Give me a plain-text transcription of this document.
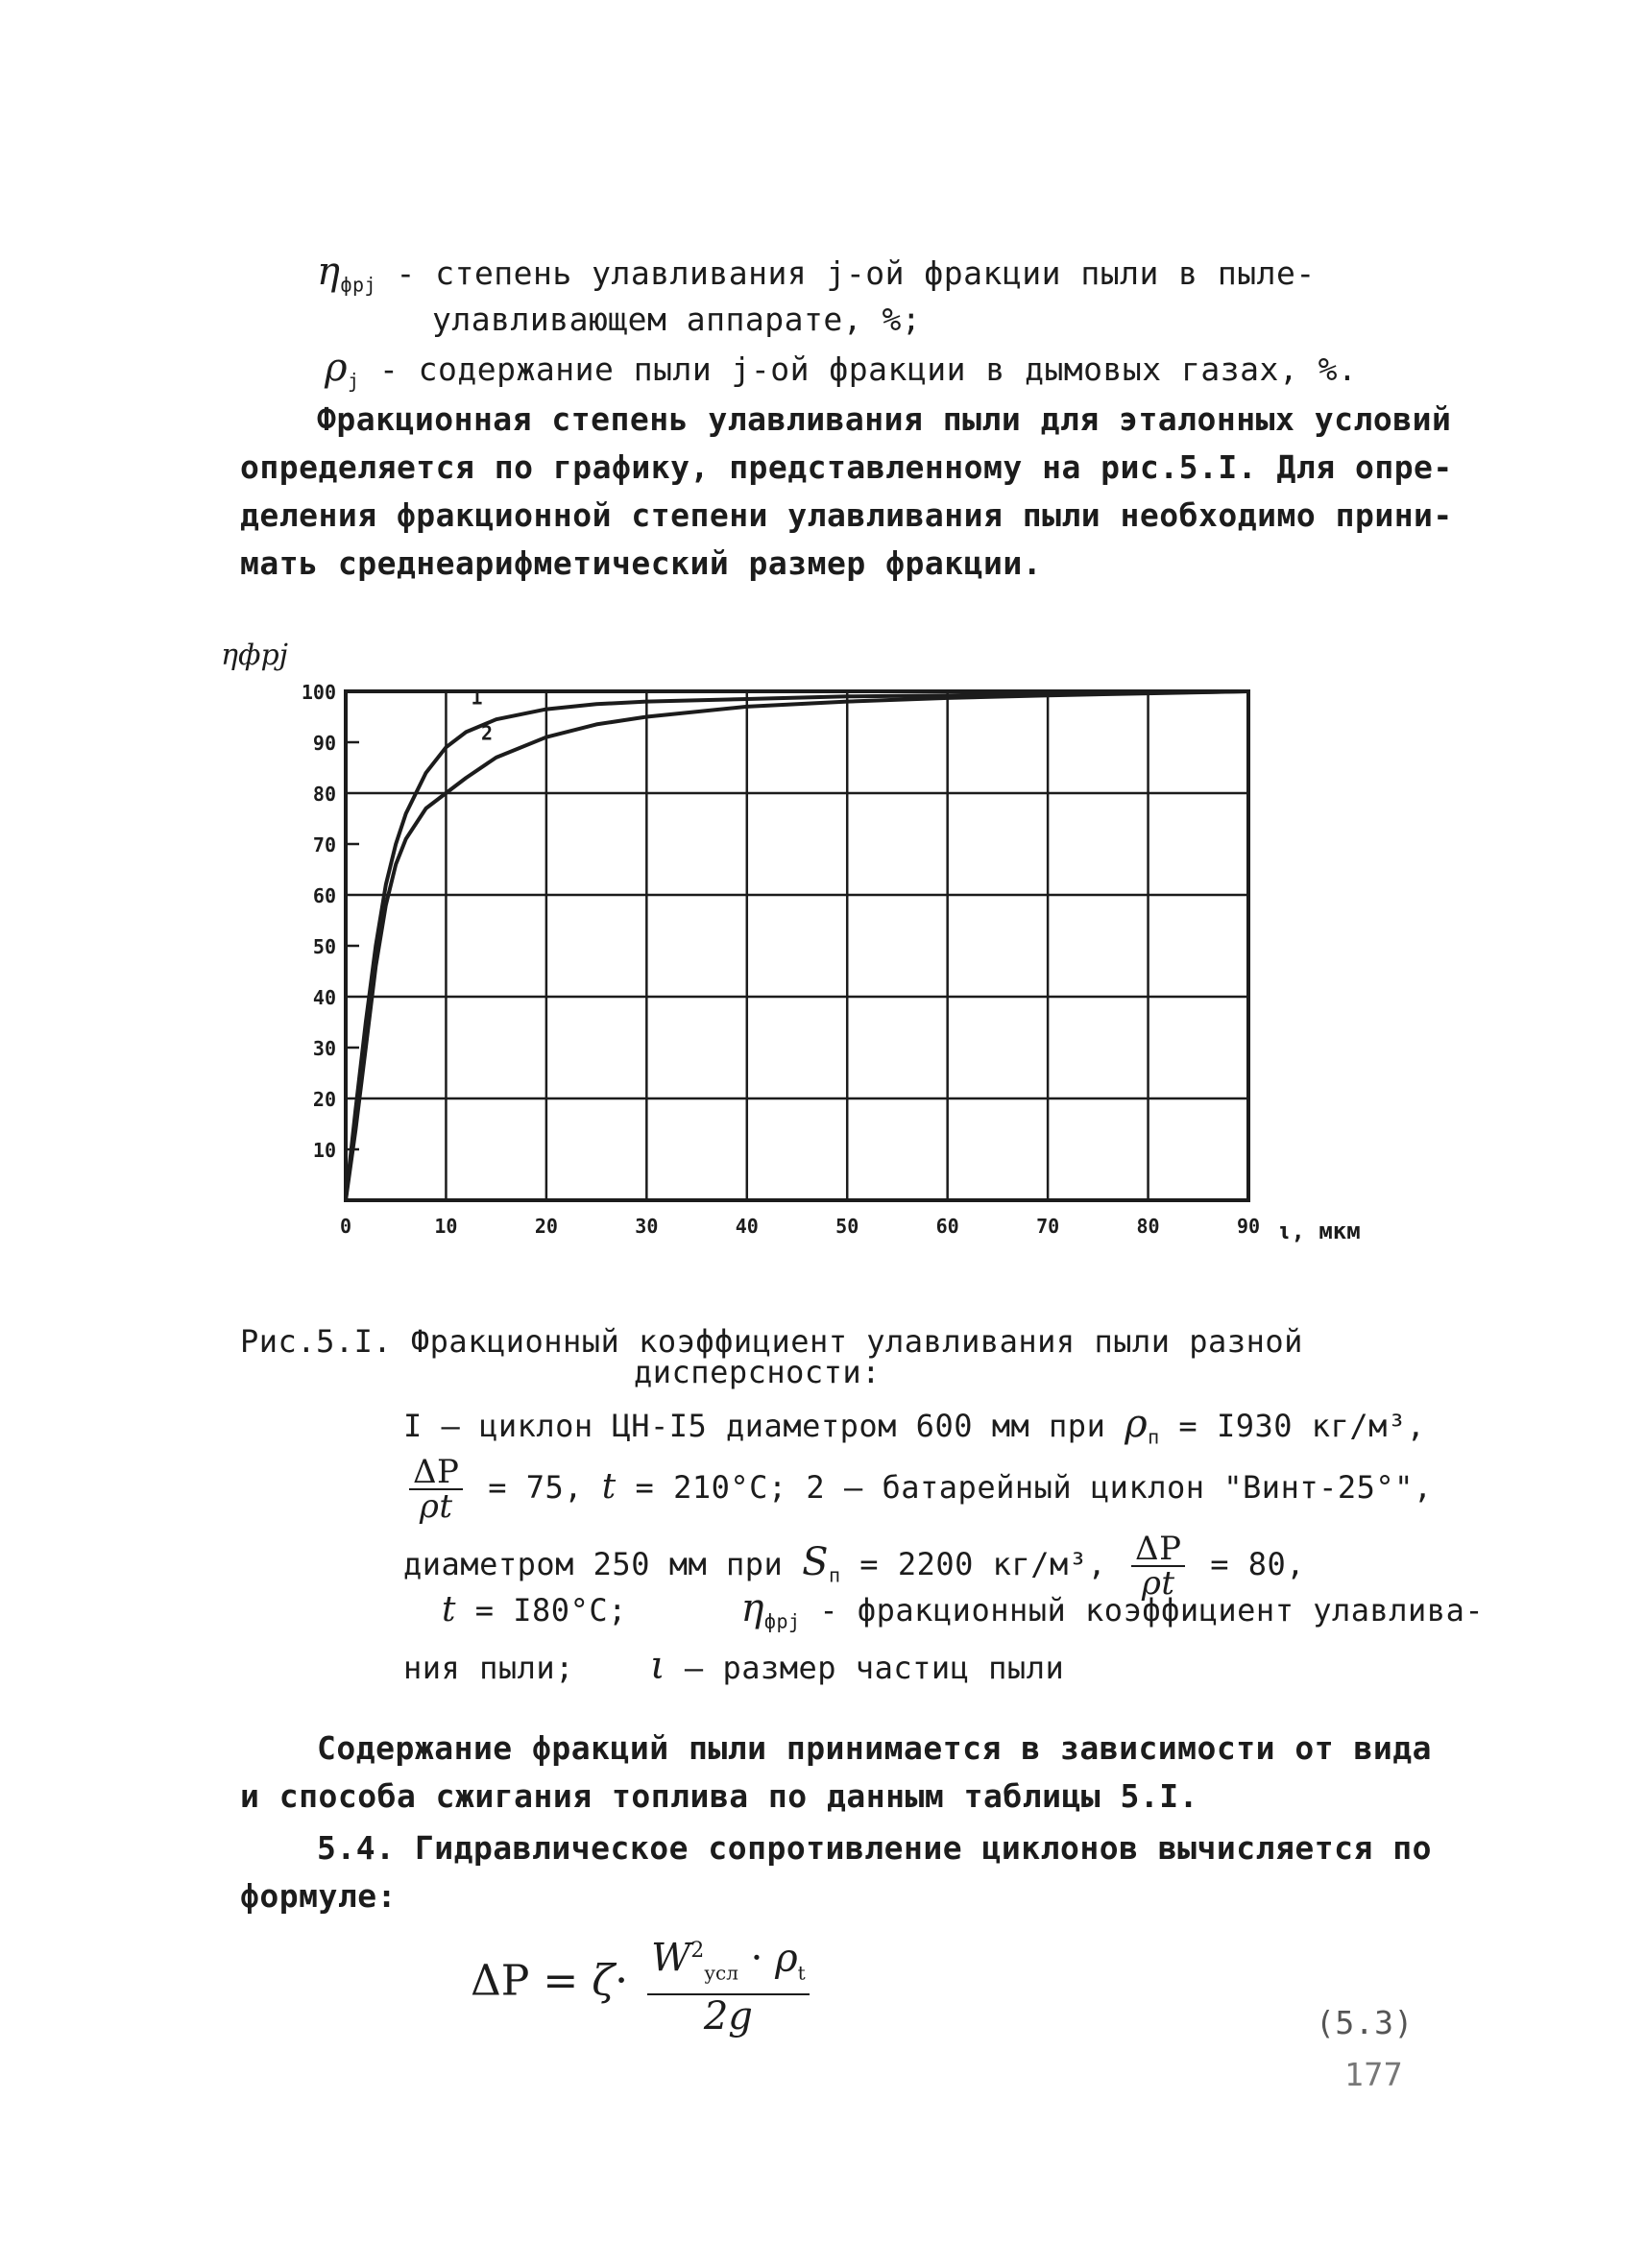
$\eta_{фрj}$ - степень улавливания j-ой фракции пыли в пыле-
улавливающем аппарате, %;
$\rho_j$ - содержание пыли j-ой фракции в дымовых газах, %.
Фракционная степень улавливания пыли для эталонных условий
определяется по графику, представленному на рис.5.I. Для опре-
деления фракционной степени улавливания пыли необходимо прини-
мать среднеарифметический размер фракции.
ηфрj
10
20
30
40
50
60
70
80
90
100
0	10	20	30	40	50	60	70	80	90
1
2
ι, мкм
Рис.5.I. Фракционный коэффициент улавливания пыли разной
дисперсности:
I – циклон ЦН-I5 диаметром 600 мм при $\rho_п = I930$ кг/м³,
$\frac{\Delta P}{\rho t} = 75$, t = 210°C; 2 – батарейный циклон "Винт-25°",
диаметром 250 мм при $S_п = 2200$ кг/м³, $\frac{\Delta P}{\rho t} = 80$,
t = I80°C;	$\eta_{фрj}$ - фракционный коэффициент улавлива-
ния пыли; ι – размер частиц пыли
Содержание фракций пыли принимается в зависимости от вида
и способа сжигания топлива по данным таблицы 5.I.
5.4. Гидравлическое сопротивление циклонов вычисляется по
формуле:
$\Delta P = \zeta\cdot \frac{W^2_{усл} \cdot \rho_t}{2g}$	(5.3)
177
